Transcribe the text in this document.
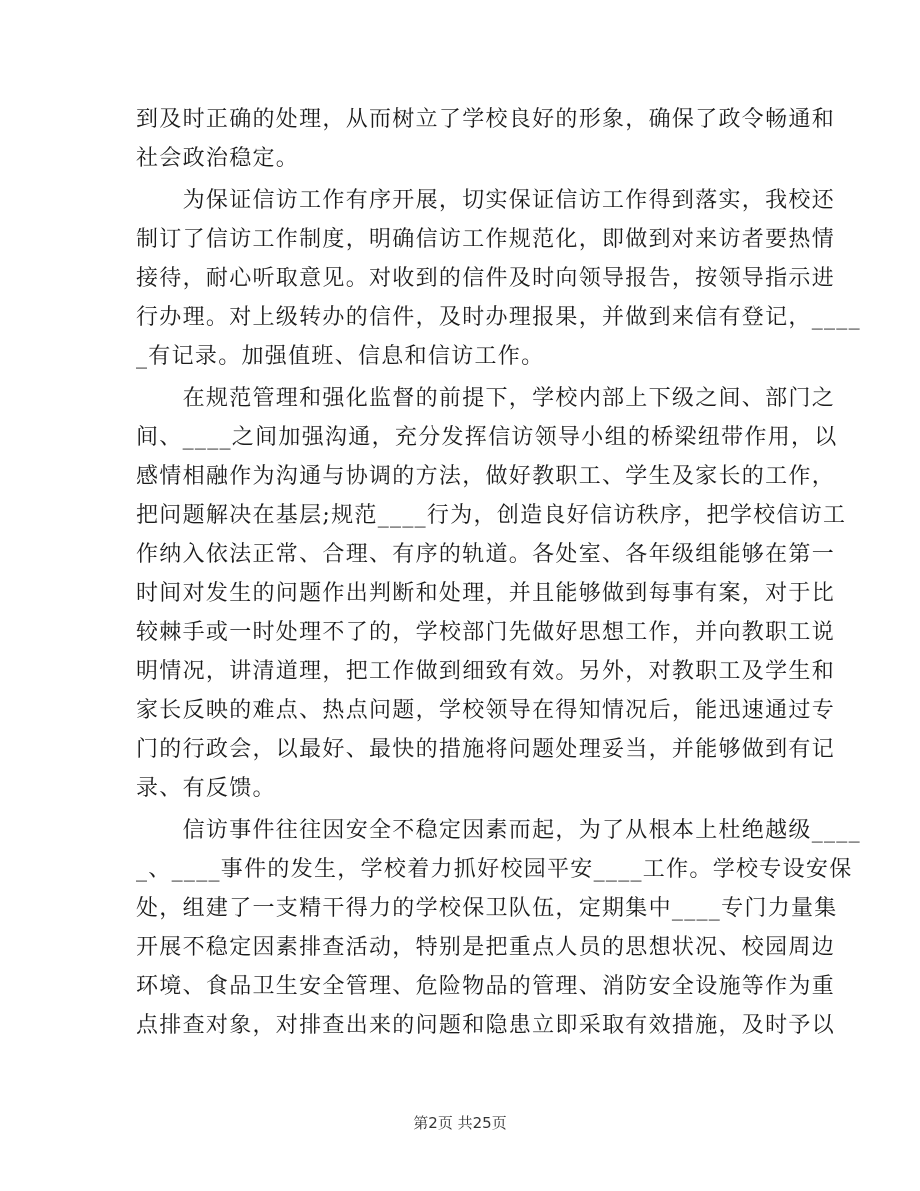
到及时正确的处理，从而树立了学校良好的形象，确保了政令畅通和
社会政治稳定。

　　为保证信访工作有序开展，切实保证信访工作得到落实，我校还
制订了信访工作制度，明确信访工作规范化，即做到对来访者要热情
接待，耐心听取意见。对收到的信件及时向领导报告，按领导指示进
行办理。对上级转办的信件，及时办理报果，并做到来信有登记，____
_有记录。加强值班、信息和信访工作。

　　在规范管理和强化监督的前提下，学校内部上下级之间、部门之
间、____之间加强沟通，充分发挥信访领导小组的桥梁纽带作用，以
感情相融作为沟通与协调的方法，做好教职工、学生及家长的工作，
把问题解决在基层;规范____行为，创造良好信访秩序，把学校信访工
作纳入依法正常、合理、有序的轨道。各处室、各年级组能够在第一
时间对发生的问题作出判断和处理，并且能够做到每事有案，对于比
较棘手或一时处理不了的，学校部门先做好思想工作，并向教职工说
明情况，讲清道理，把工作做到细致有效。另外，对教职工及学生和
家长反映的难点、热点问题，学校领导在得知情况后，能迅速通过专
门的行政会，以最好、最快的措施将问题处理妥当，并能够做到有记
录、有反馈。

　　信访事件往往因安全不稳定因素而起，为了从根本上杜绝越级____
_、____事件的发生，学校着力抓好校园平安____工作。学校专设安保
处，组建了一支精干得力的学校保卫队伍，定期集中____专门力量集
开展不稳定因素排查活动，特别是把重点人员的思想状况、校园周边
环境、食品卫生安全管理、危险物品的管理、消防安全设施等作为重
点排查对象，对排查出来的问题和隐患立即采取有效措施，及时予以

第2页 共25页
